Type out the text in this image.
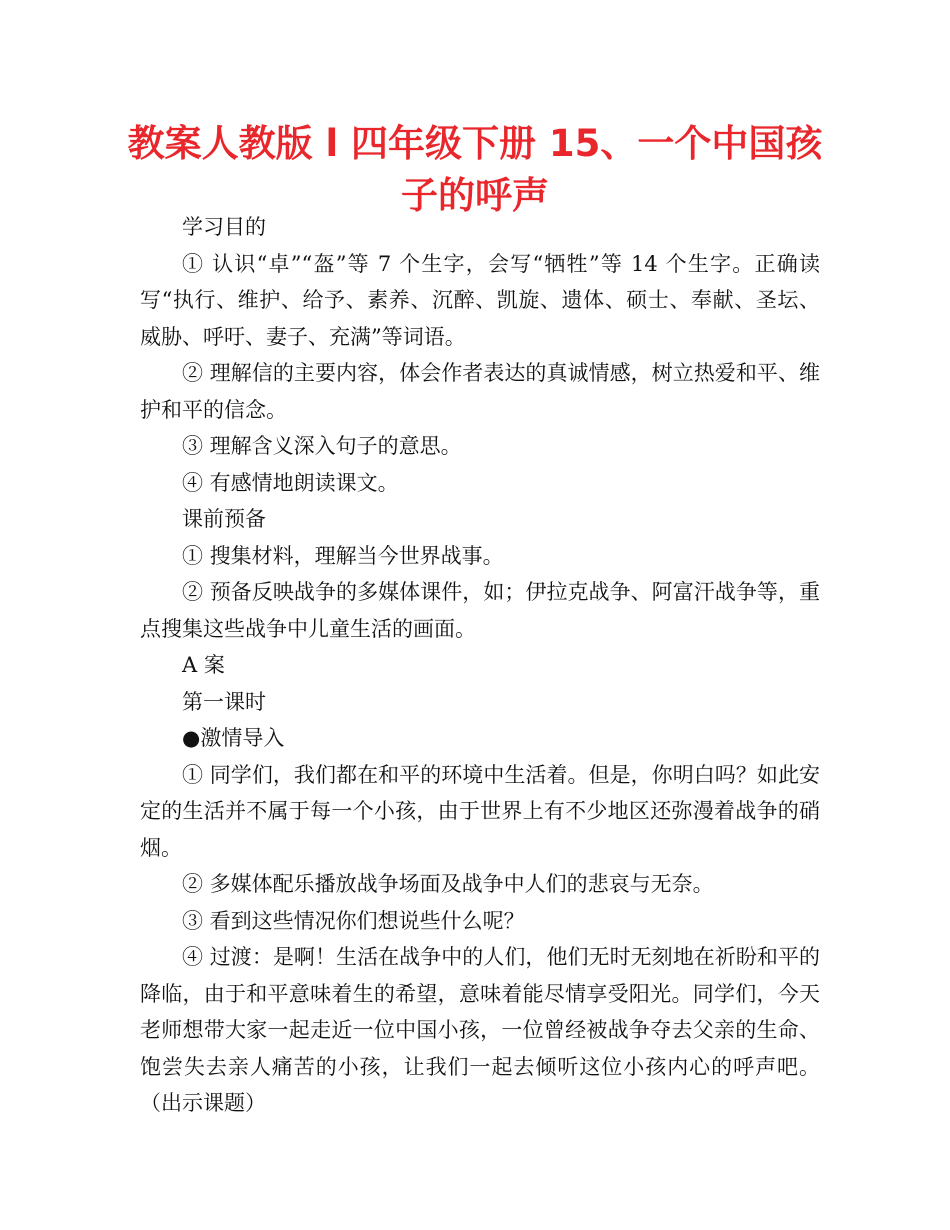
教案人教版 l 四年级下册 15、一个中国孩子的呼声

学习目的

① 认识“卓”“盔”等 7 个生字，会写“牺牲”等 14 个生字。正确读写“执行、维护、给予、素养、沉醉、凯旋、遗体、硕士、奉献、圣坛、威胁、呼吁、妻子、充满”等词语。

② 理解信的主要内容，体会作者表达的真诚情感，树立热爱和平、维护和平的信念。

③ 理解含义深入句子的意思。

④ 有感情地朗读课文。

课前预备

① 搜集材料，理解当今世界战事。

② 预备反映战争的多媒体课件，如；伊拉克战争、阿富汗战争等，重点搜集这些战争中儿童生活的画面。

A 案

第一课时

●激情导入

① 同学们，我们都在和平的环境中生活着。但是，你明白吗？如此安定的生活并不属于每一个小孩，由于世界上有不少地区还弥漫着战争的硝烟。

② 多媒体配乐播放战争场面及战争中人们的悲哀与无奈。

③ 看到这些情况你们想说些什么呢？

④ 过渡：是啊！生活在战争中的人们，他们无时无刻地在祈盼和平的降临，由于和平意味着生的希望，意味着能尽情享受阳光。同学们，今天老师想带大家一起走近一位中国小孩，一位曾经被战争夺去父亲的生命、饱尝失去亲人痛苦的小孩，让我们一起去倾听这位小孩内心的呼声吧。（出示课题）
